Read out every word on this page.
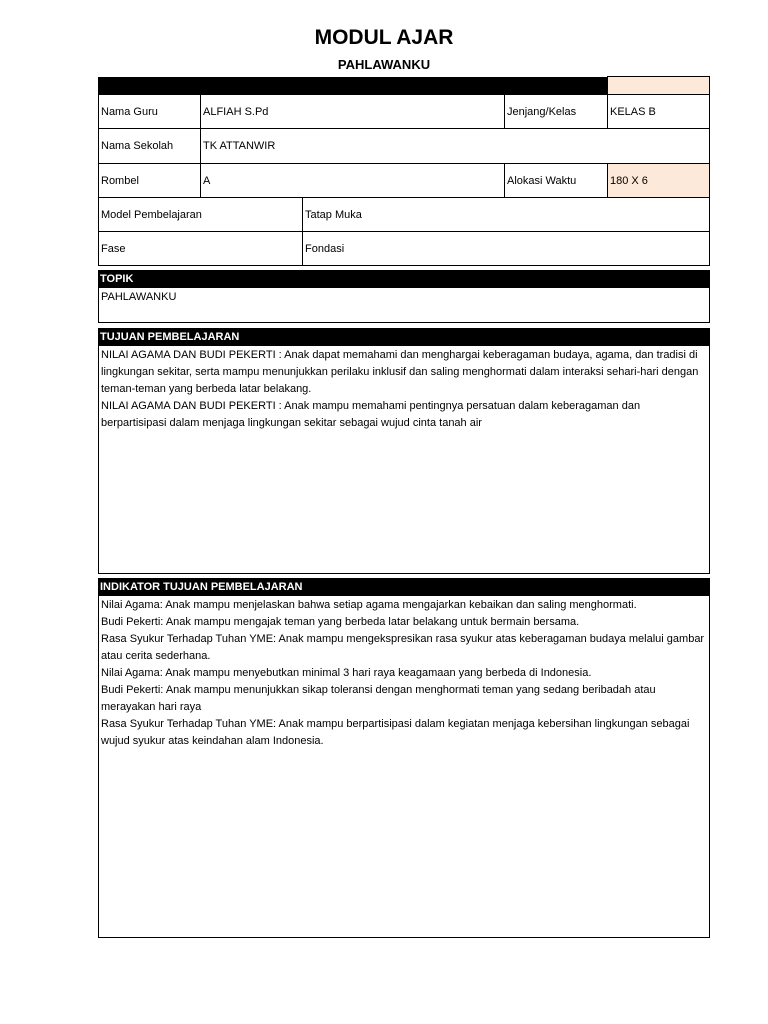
MODUL AJAR
PAHLAWANKU
Nama Guru	ALFIAH S.Pd	Jenjang/Kelas	KELAS B
Nama Sekolah	TK ATTANWIR
Rombel	A	Alokasi Waktu	180 X 6
Model Pembelajaran	Tatap Muka
Fase	Fondasi
TOPIK

PAHLAWANKU

TUJUAN PEMBELAJARAN

NILAI AGAMA DAN BUDI PEKERTI : Anak dapat memahami dan menghargai keberagaman budaya, agama, dan tradisi di lingkungan sekitar, serta mampu menunjukkan perilaku inklusif dan saling menghormati dalam interaksi sehari-hari dengan teman-teman yang berbeda latar belakang.

NILAI AGAMA DAN BUDI PEKERTI : Anak mampu memahami pentingnya persatuan dalam keberagaman dan berpartisipasi dalam menjaga lingkungan sekitar sebagai wujud cinta tanah air

INDIKATOR TUJUAN PEMBELAJARAN

Nilai Agama: Anak mampu menjelaskan bahwa setiap agama mengajarkan kebaikan dan saling menghormati.

Budi Pekerti: Anak mampu mengajak teman yang berbeda latar belakang untuk bermain bersama.

Rasa Syukur Terhadap Tuhan YME: Anak mampu mengekspresikan rasa syukur atas keberagaman budaya melalui gambar atau cerita sederhana.

Nilai Agama: Anak mampu menyebutkan minimal 3 hari raya keagamaan yang berbeda di Indonesia.

Budi Pekerti: Anak mampu menunjukkan sikap toleransi dengan menghormati teman yang sedang beribadah atau merayakan hari raya

Rasa Syukur Terhadap Tuhan YME: Anak mampu berpartisipasi dalam kegiatan menjaga kebersihan lingkungan sebagai wujud syukur atas keindahan alam Indonesia.
